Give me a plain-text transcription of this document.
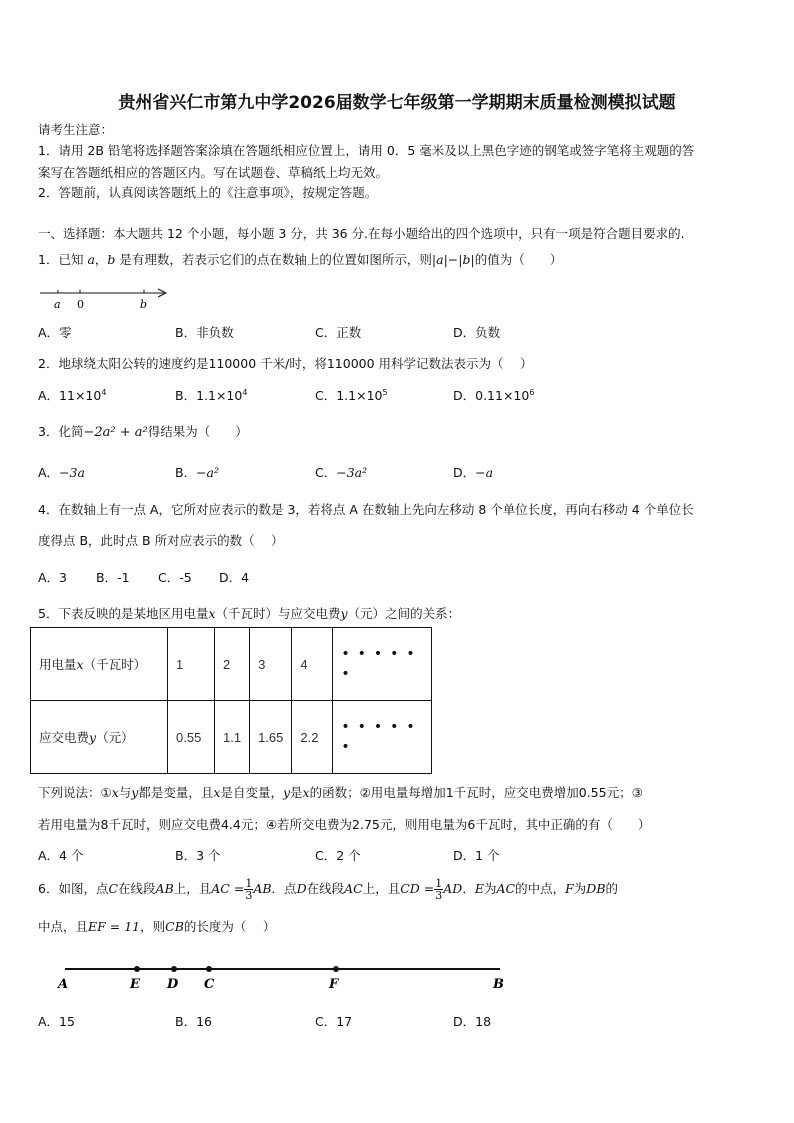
贵州省兴仁市第九中学2026届数学七年级第一学期期末质量检测模拟试题
请考生注意：
1．请用 2B 铅笔将选择题答案涂填在答题纸相应位置上，请用 0．5 毫米及以上黑色字迹的钢笔或签字笔将主观题的答
案写在答题纸相应的答题区内。写在试题卷、草稿纸上均无效。
2．答题前，认真阅读答题纸上的《注意事项》，按规定答题。
一、选择题：本大题共 12 个小题，每小题 3 分，共 36 分.在每小题给出的四个选项中，只有一项是符合题目要求的.
1．已知 a，b 是有理数，若表示它们的点在数轴上的位置如图所示，则|a|−|b|的值为（　　）
a 0	b
A．零	B．非负数	C．正数	D．负数
2．地球绕太阳公转的速度约是110000 千米/时，将110000 用科学记数法表示为（　 ）
A．$11\times 10^4$	B．$1.1\times 10^4$	C．$1.1\times 10^5$	D．$0.11\times 10^6$
3．化简−2a² + a²得结果为（　　）
A．−3a	B．−a²	C．−3a²	D．−a
4．在数轴上有一点 A，它所对应表示的数是 3，若将点 A 在数轴上先向左移动 8 个单位长度，再向右移动 4 个单位长
度得点 B，此时点 B 所对应表示的数（　 ）
A．3 B．-1 C．-5 D．4
5．下表反映的是某地区用电量x（千瓦时）与应交电费y（元）之间的关系：
用电量x（千瓦时）	1	2	3	4	•••••
•

应交电费y（元）	0.55	1.1	1.65	2.2	•••••
•
下列说法：①x与y都是变量，且x是自变量，y是x的函数；②用电量每增加1千瓦时，应交电费增加0.55元；③
若用电量为8千瓦时，则应交电费4.4元；④若所交电费为2.75元，则用电量为6千瓦时，其中正确的有（　　）
A．4 个	B．3 个	C．2 个	D．1 个
6．如图，点C在线段AB上，且AC = $\frac{1}{3}$ AB．点D在线段AC上，且CD = $\frac{1}{3}$ AD．E为AC的中点，F为DB的
中点，且EF = 11，则CB的长度为（　 ）
A	E D C	F	B
A．15	B．16	C．17	D．18
